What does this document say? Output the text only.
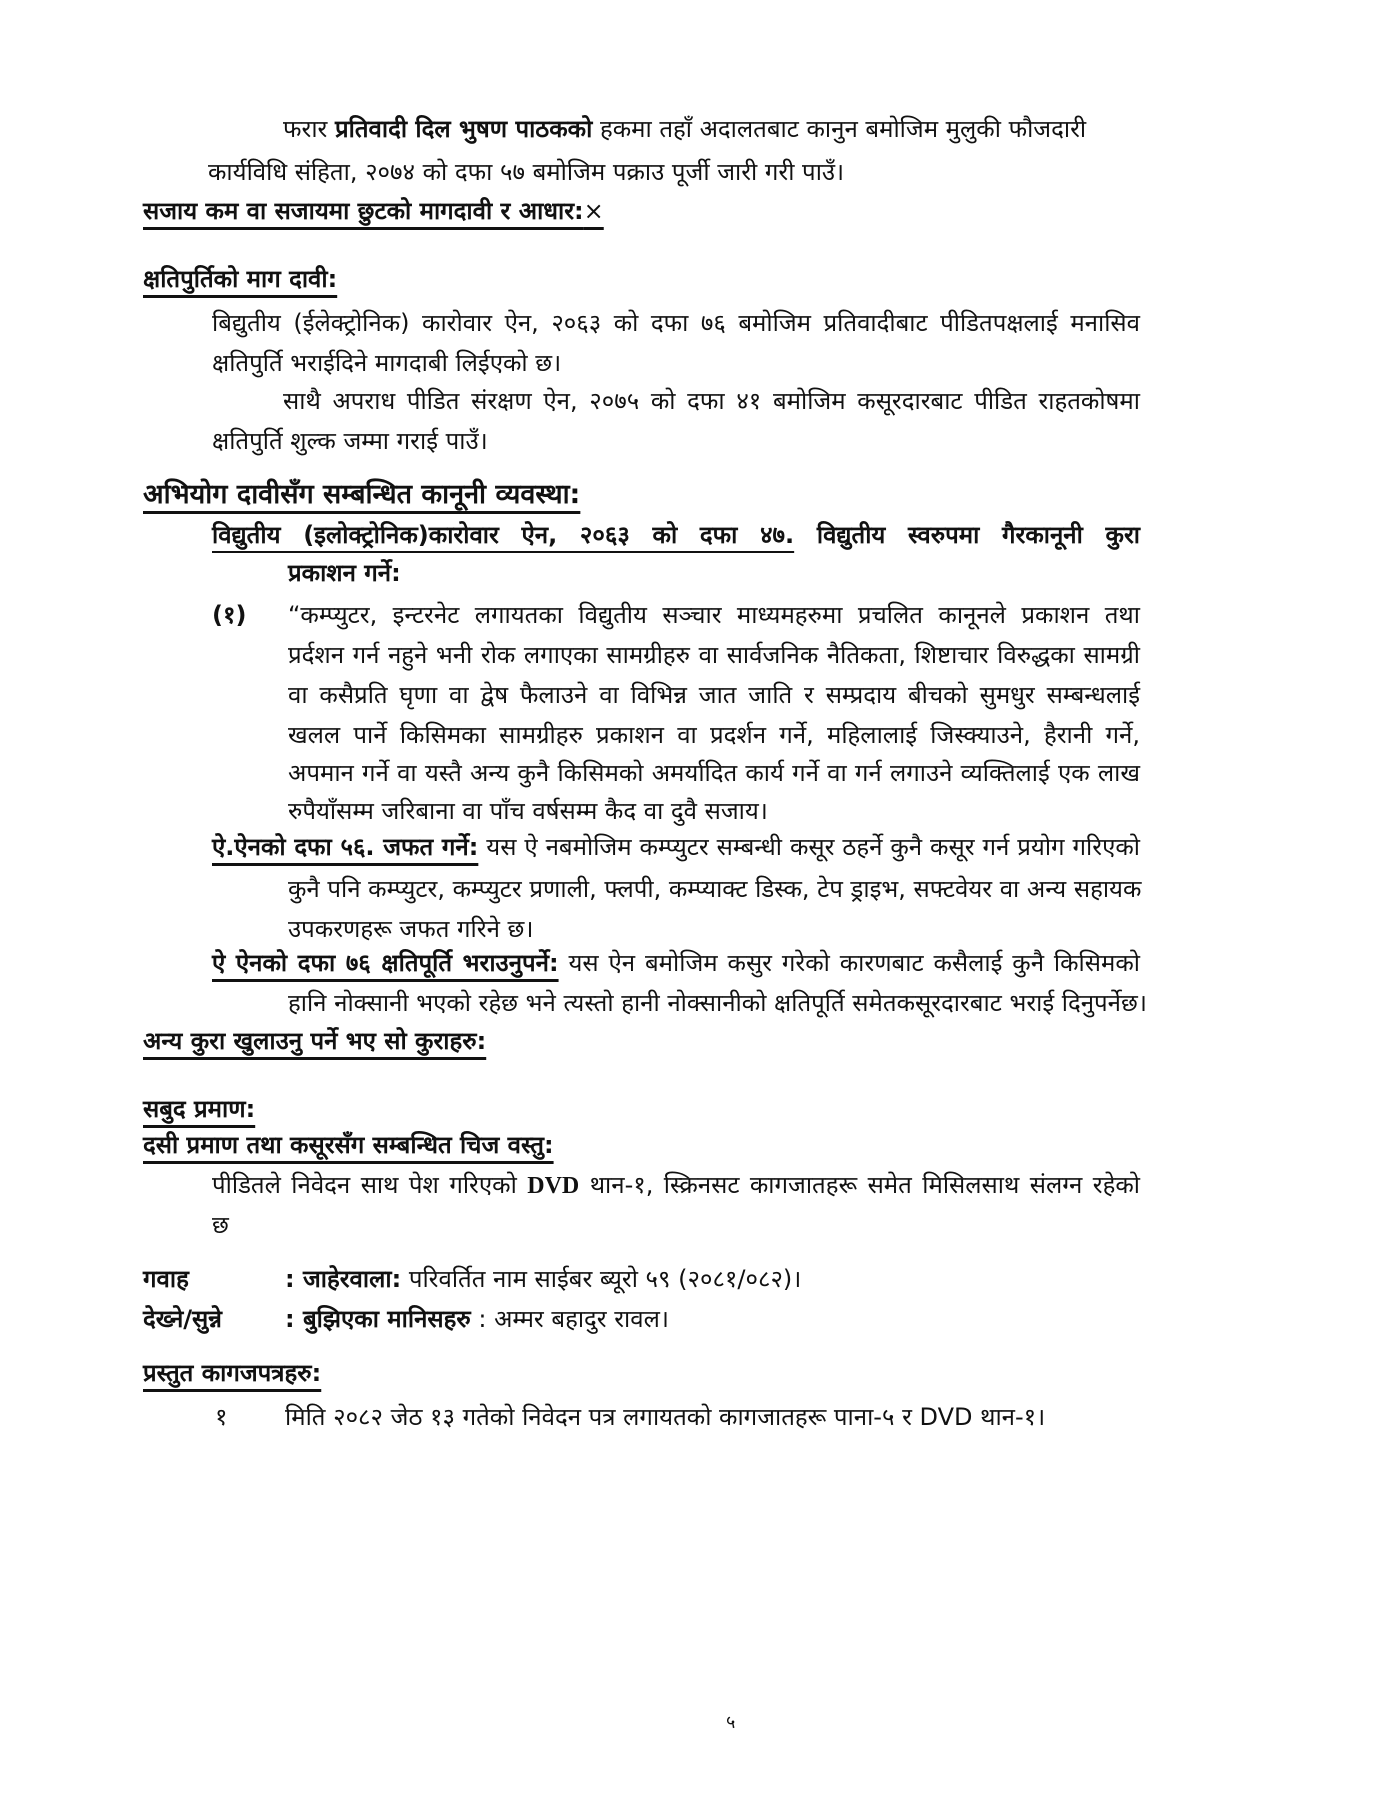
फरार प्रतिवादी दिल भुषण पाठकको हकमा तहाँ अदालतबाट कानुन बमोजिम मुलुकी फौजदारी
कार्यविधि संहिता, २०७४ को दफा ५७ बमोजिम पक्राउ पूर्जी जारी गरी पाउँ।
सजाय कम वा सजायमा छुटको मागदावी र आधार:×
क्षतिपुर्तिको माग दावी:
बिद्युतीय (ईलेक्ट्रोनिक) कारोवार ऐन, २०६३ को दफा ७६ बमोजिम प्रतिवादीबाट पीडितपक्षलाई मनासिव
क्षतिपुर्ति भराईदिने मागदाबी लिईएको छ।
साथै अपराध पीडित संरक्षण ऐन, २०७५ को दफा ४१ बमोजिम कसूरदारबाट पीडित राहतकोषमा
क्षतिपुर्ति शुल्क जम्मा गराई पाउँ।
अभियोग दावीसँग सम्बन्धित कानूनी व्यवस्था:
विद्युतीय (इलोक्ट्रोनिक)कारोवार ऐन, २०६३ को दफा ४७. विद्युतीय स्वरुपमा गैरकानूनी कुरा
प्रकाशन गर्ने:
(१) “कम्प्युटर, इन्टरनेट लगायतका विद्युतीय सञ्चार माध्यमहरुमा प्रचलित कानूनले प्रकाशन तथा
प्रर्दशन गर्न नहुने भनी रोक लगाएका सामग्रीहरु वा सार्वजनिक नैतिकता, शिष्टाचार विरुद्धका सामग्री
वा कसैप्रति घृणा वा द्वेष फैलाउने वा विभिन्न जात जाति र सम्प्रदाय बीचको सुमधुर सम्बन्धलाई
खलल पार्ने किसिमका सामग्रीहरु प्रकाशन वा प्रदर्शन गर्ने, महिलालाई जिस्क्याउने, हैरानी गर्ने,
अपमान गर्ने वा यस्तै अन्य कुनै किसिमको अमर्यादित कार्य गर्ने वा गर्न लगाउने व्यक्तिलाई एक लाख
रुपैयाँसम्म जरिबाना वा पाँच वर्षसम्म कैद वा दुवै सजाय।
ऐ.ऐनको दफा ५६. जफत गर्ने: यस ऐ नबमोजिम कम्प्युटर सम्बन्धी कसूर ठहर्ने कुनै कसूर गर्न प्रयोग गरिएको
कुनै पनि कम्प्युटर, कम्प्युटर प्रणाली, फ्लपी, कम्प्याक्ट डिस्क, टेप ड्राइभ, सफ्टवेयर वा अन्य सहायक
उपकरणहरू जफत गरिने छ।
ऐ ऐनको दफा ७६ क्षतिपूर्ति भराउनुपर्ने: यस ऐन बमोजिम कसुर गरेको कारणबाट कसैलाई कुनै किसिमको
हानि नोक्सानी भएको रहेछ भने त्यस्तो हानी नोक्सानीको क्षतिपूर्ति समेतकसूरदारबाट भराई दिनुपर्नेछ।
अन्य कुरा खुलाउनु पर्ने भए सो कुराहरु:
सबुद प्रमाण:
दसी प्रमाण तथा कसूरसँग सम्बन्धित चिज वस्तु:
पीडितले निवेदन साथ पेश गरिएको DVD थान-१, स्क्रिनसट कागजातहरू समेत मिसिलसाथ संलग्न रहेको
छ
गवाह	: जाहेरवाला: परिवर्तित नाम साईबर ब्यूरो ५९ (२०८१/०८२)।
देख्ने/सुन्ने	: बुझिएका मानिसहरु : अम्मर बहादुर रावल।
प्रस्तुत कागजपत्रहरु:
१ मिति २०८२ जेठ १३ गतेको निवेदन पत्र लगायतको कागजातहरू पाना-५ र DVD थान-१।
५
